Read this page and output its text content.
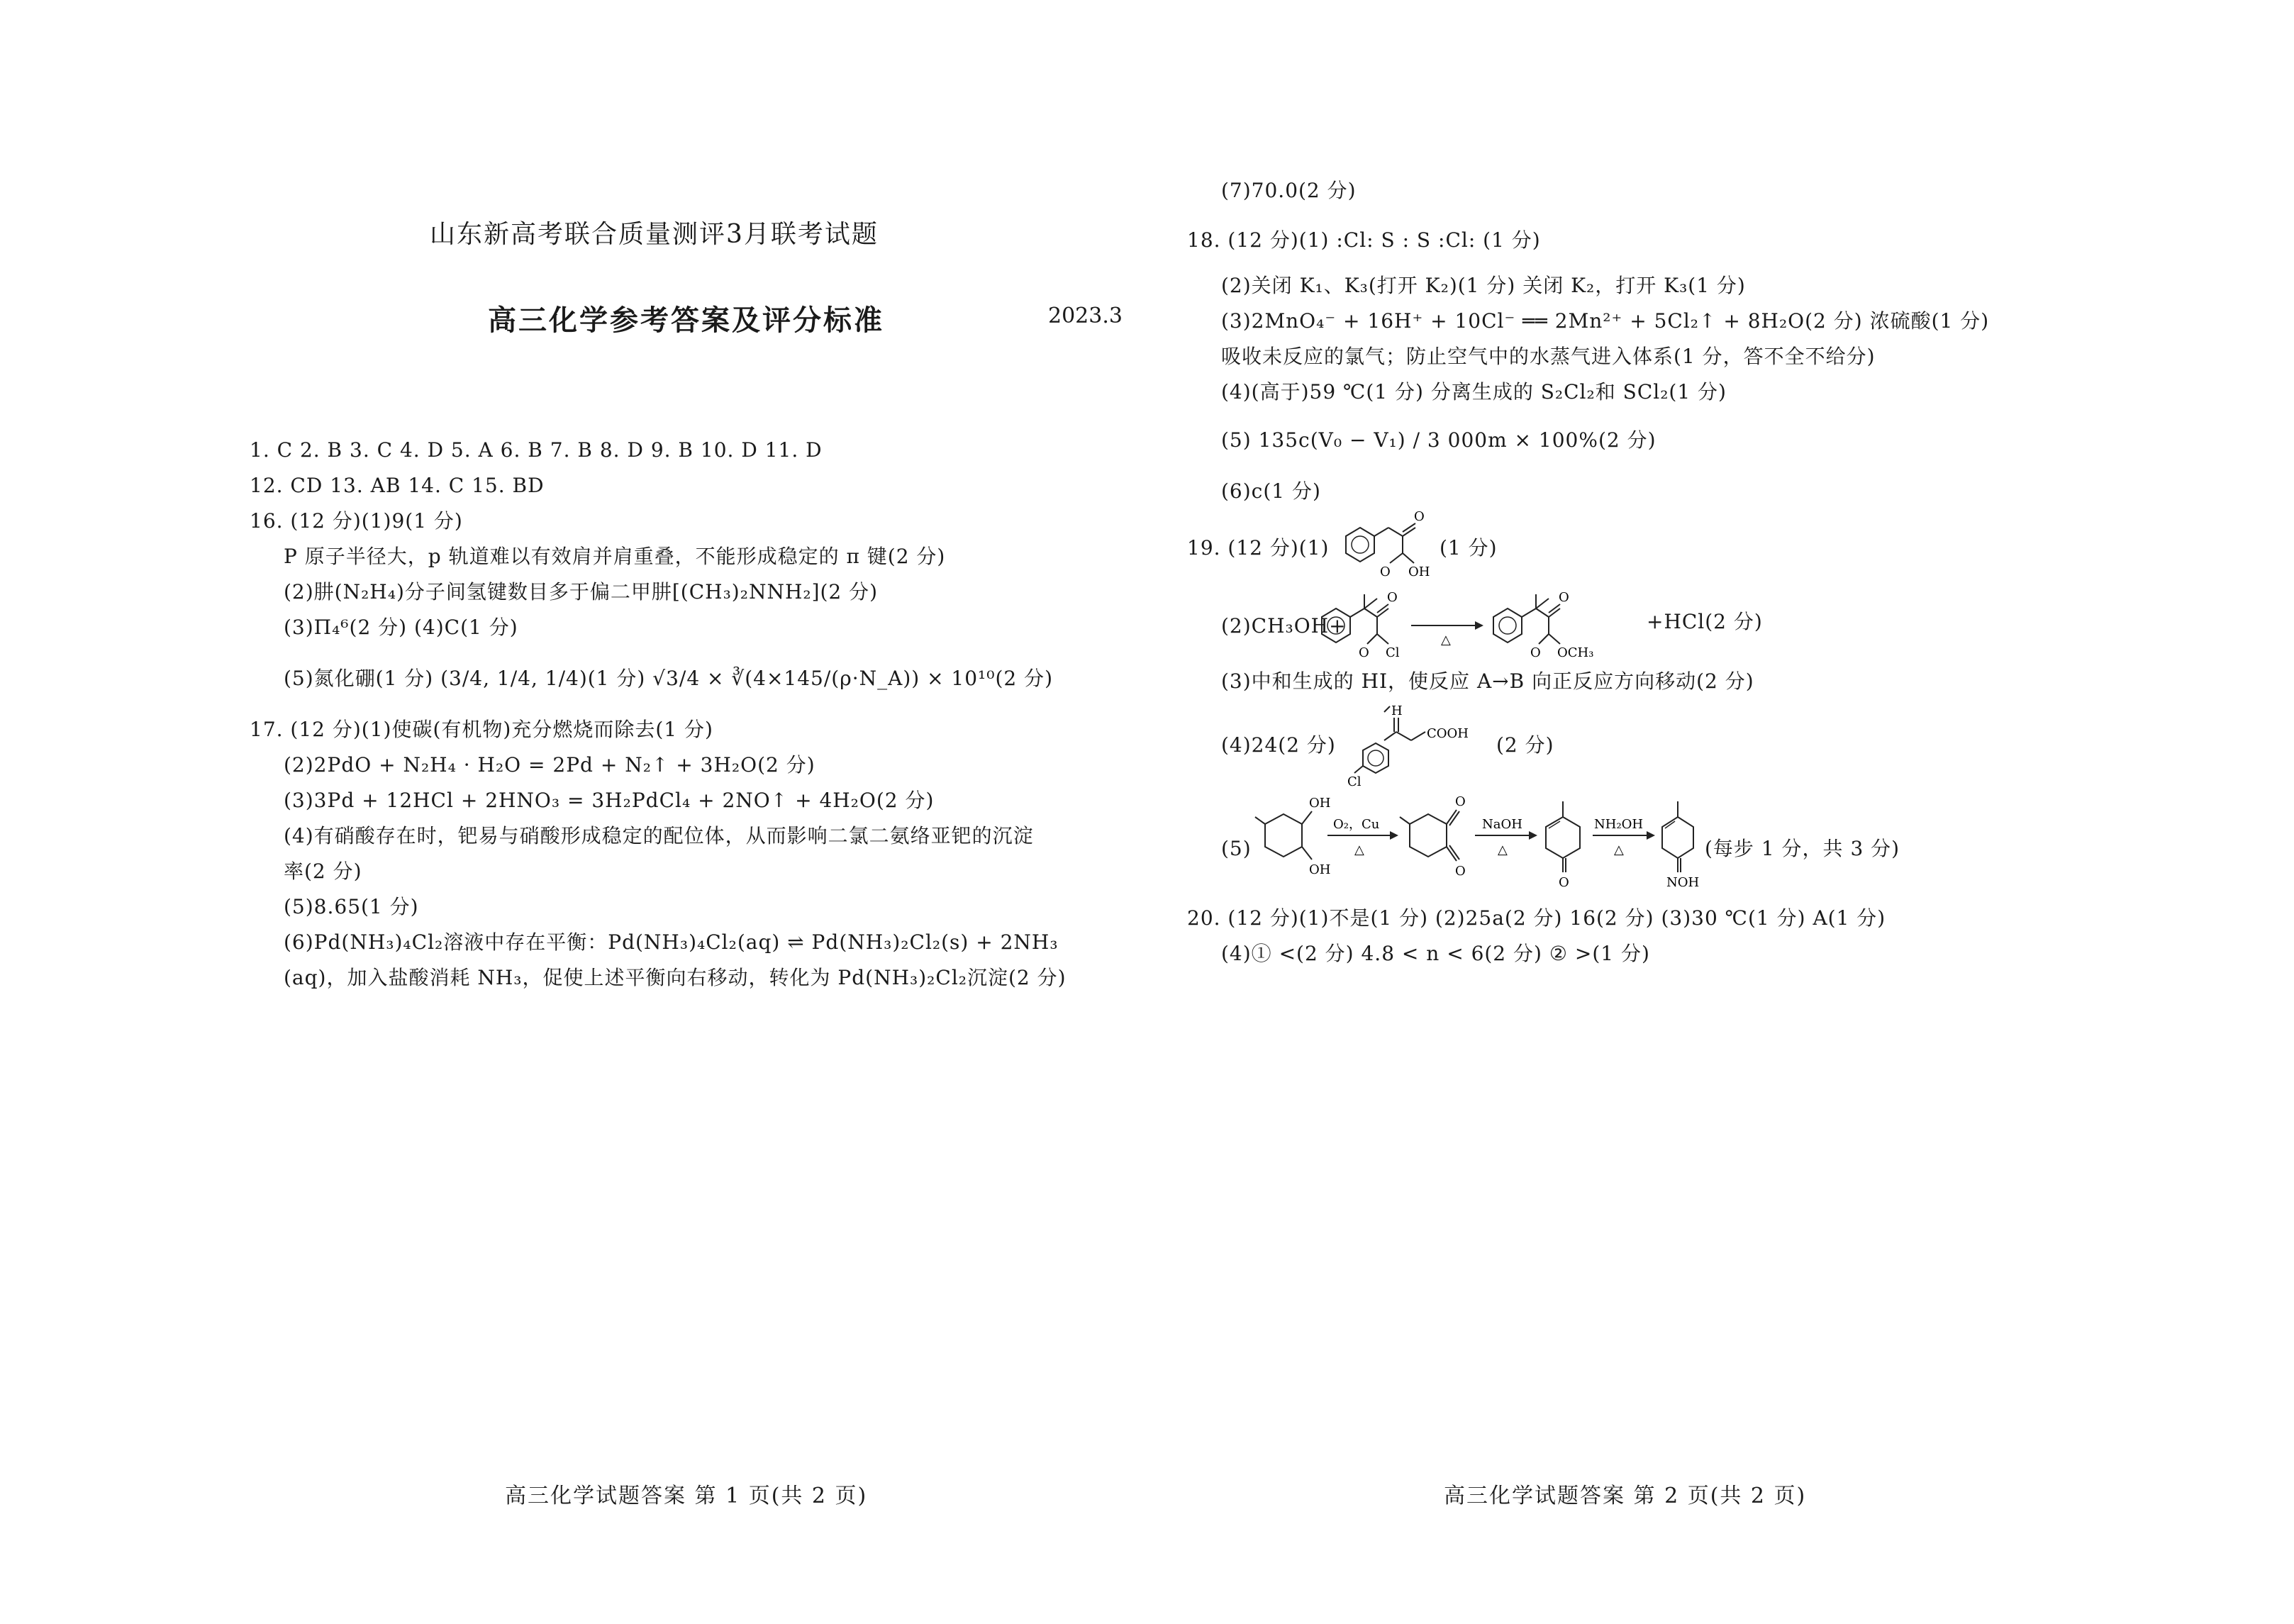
山东新高考联合质量测评3月联考试题
高三化学参考答案及评分标准	2023.3
1. C 2. B 3. C 4. D 5. A 6. B 7. B 8. D 9. B 10. D 11. D
12. CD 13. AB 14. C 15. BD
16. (12 分)(1)9(1 分)
P 原子半径大，p 轨道难以有效肩并肩重叠，不能形成稳定的 π 键(2 分)
(2)肼(N₂H₄)分子间氢键数目多于偏二甲肼[(CH₃)₂NNH₂](2 分)
(3)Π₄⁶(2 分) (4)C(1 分)
(5)氮化硼(1 分) (3/4, 1/4, 1/4)(1 分) √3/4 × ∛(4×145/(ρ·N_A)) × 10¹⁰(2 分)
17. (12 分)(1)使碳(有机物)充分燃烧而除去(1 分)
(2)2PdO + N₂H₄ · H₂O = 2Pd + N₂↑ + 3H₂O(2 分)
(3)3Pd + 12HCl + 2HNO₃ = 3H₂PdCl₄ + 2NO↑ + 4H₂O(2 分)
(4)有硝酸存在时，钯易与硝酸形成稳定的配位体，从而影响二氯二氨络亚钯的沉淀
率(2 分)
(5)8.65(1 分)
(6)Pd(NH₃)₄Cl₂溶液中存在平衡：Pd(NH₃)₄Cl₂(aq) ⇌ Pd(NH₃)₂Cl₂(s) + 2NH₃
(aq)，加入盐酸消耗 NH₃，促使上述平衡向右移动，转化为 Pd(NH₃)₂Cl₂沉淀(2 分)
高三化学试题答案 第 1 页(共 2 页)
(7)70.0(2 分)
18. (12 分)(1) :Cl: S : S :Cl: (1 分)
(2)关闭 K₁、K₃(打开 K₂)(1 分) 关闭 K₂，打开 K₃(1 分)
(3)2MnO₄⁻ + 16H⁺ + 10Cl⁻ ══ 2Mn²⁺ + 5Cl₂↑ + 8H₂O(2 分) 浓硫酸(1 分)
吸收未反应的氯气；防止空气中的水蒸气进入体系(1 分，答不全不给分)
(4)(高于)59 ℃(1 分) 分离生成的 S₂Cl₂和 SCl₂(1 分)
(5) 135c(V₀ − V₁) / 3 000m × 100%(2 分)
(6)c(1 分)
19. (12 分)(1)
O
O OH
(1 分)
(2)CH₃OH+
O
O Cl
△
O
O OCH₃
+HCl(2 分)
(3)中和生成的 HI，使反应 A→B 向正反应方向移动(2 分)
(4)24(2 分)
H
COOH
Cl
(2 分)
(5)
OH
OH
O₂，Cu
△
O
O
NaOH
△
O
NH₂OH
△
NOH
(每步 1 分，共 3 分)
20. (12 分)(1)不是(1 分) (2)25a(2 分) 16(2 分) (3)30 ℃(1 分) A(1 分)
(4)① <(2 分) 4.8 < n < 6(2 分) ② >(1 分)
高三化学试题答案 第 2 页(共 2 页)
